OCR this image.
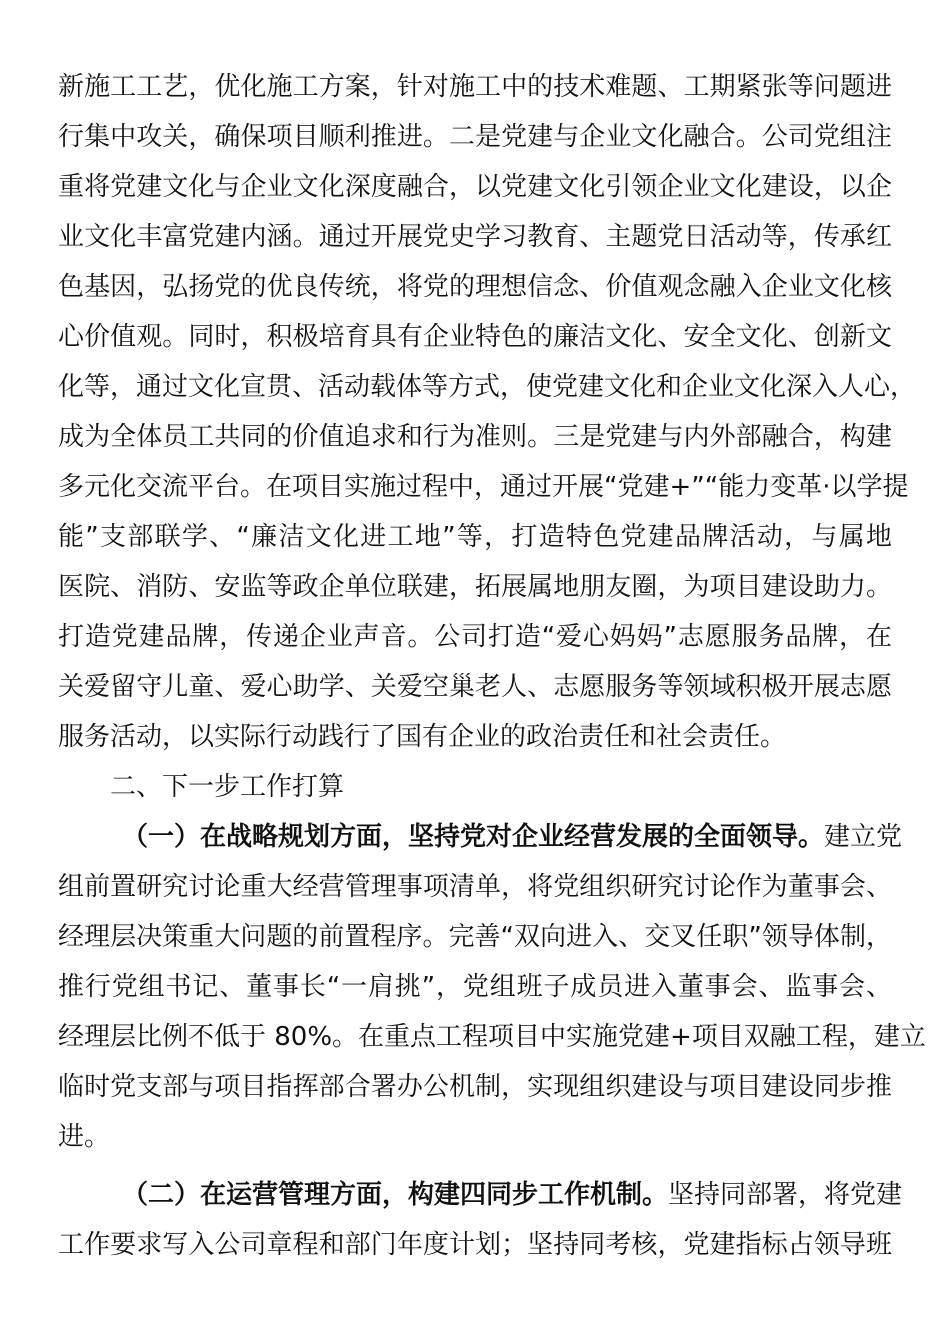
新施工工艺，优化施工方案，针对施工中的技术难题、工期紧张等问题进
行集中攻关，确保项目顺利推进。二是党建与企业文化融合。公司党组注
重将党建文化与企业文化深度融合，以党建文化引领企业文化建设，以企
业文化丰富党建内涵。通过开展党史学习教育、主题党日活动等，传承红
色基因，弘扬党的优良传统，将党的理想信念、价值观念融入企业文化核
心价值观。同时，积极培育具有企业特色的廉洁文化、安全文化、创新文
化等，通过文化宣贯、活动载体等方式，使党建文化和企业文化深入人心，
成为全体员工共同的价值追求和行为准则。三是党建与内外部融合，构建
多元化交流平台。在项目实施过程中，通过开展“党建+”“能力变革·以学提
能”支部联学、“廉洁文化进工地”等，打造特色党建品牌活动，与属地
医院、消防、安监等政企单位联建，拓展属地朋友圈，为项目建设助力。
打造党建品牌，传递企业声音。公司打造“爱心妈妈”志愿服务品牌，在
关爱留守儿童、爱心助学、关爱空巢老人、志愿服务等领域积极开展志愿
服务活动，以实际行动践行了国有企业的政治责任和社会责任。
二、下一步工作打算
（一）在战略规划方面，坚持党对企业经营发展的全面领导。建立党
组前置研究讨论重大经营管理事项清单，将党组织研究讨论作为董事会、
经理层决策重大问题的前置程序。完善“双向进入、交叉任职”领导体制，
推行党组书记、董事长“一肩挑”，党组班子成员进入董事会、监事会、
经理层比例不低于 80%。在重点工程项目中实施党建+项目双融工程，建立
临时党支部与项目指挥部合署办公机制，实现组织建设与项目建设同步推
进。
（二）在运营管理方面，构建四同步工作机制。坚持同部署，将党建
工作要求写入公司章程和部门年度计划；坚持同考核，党建指标占领导班
